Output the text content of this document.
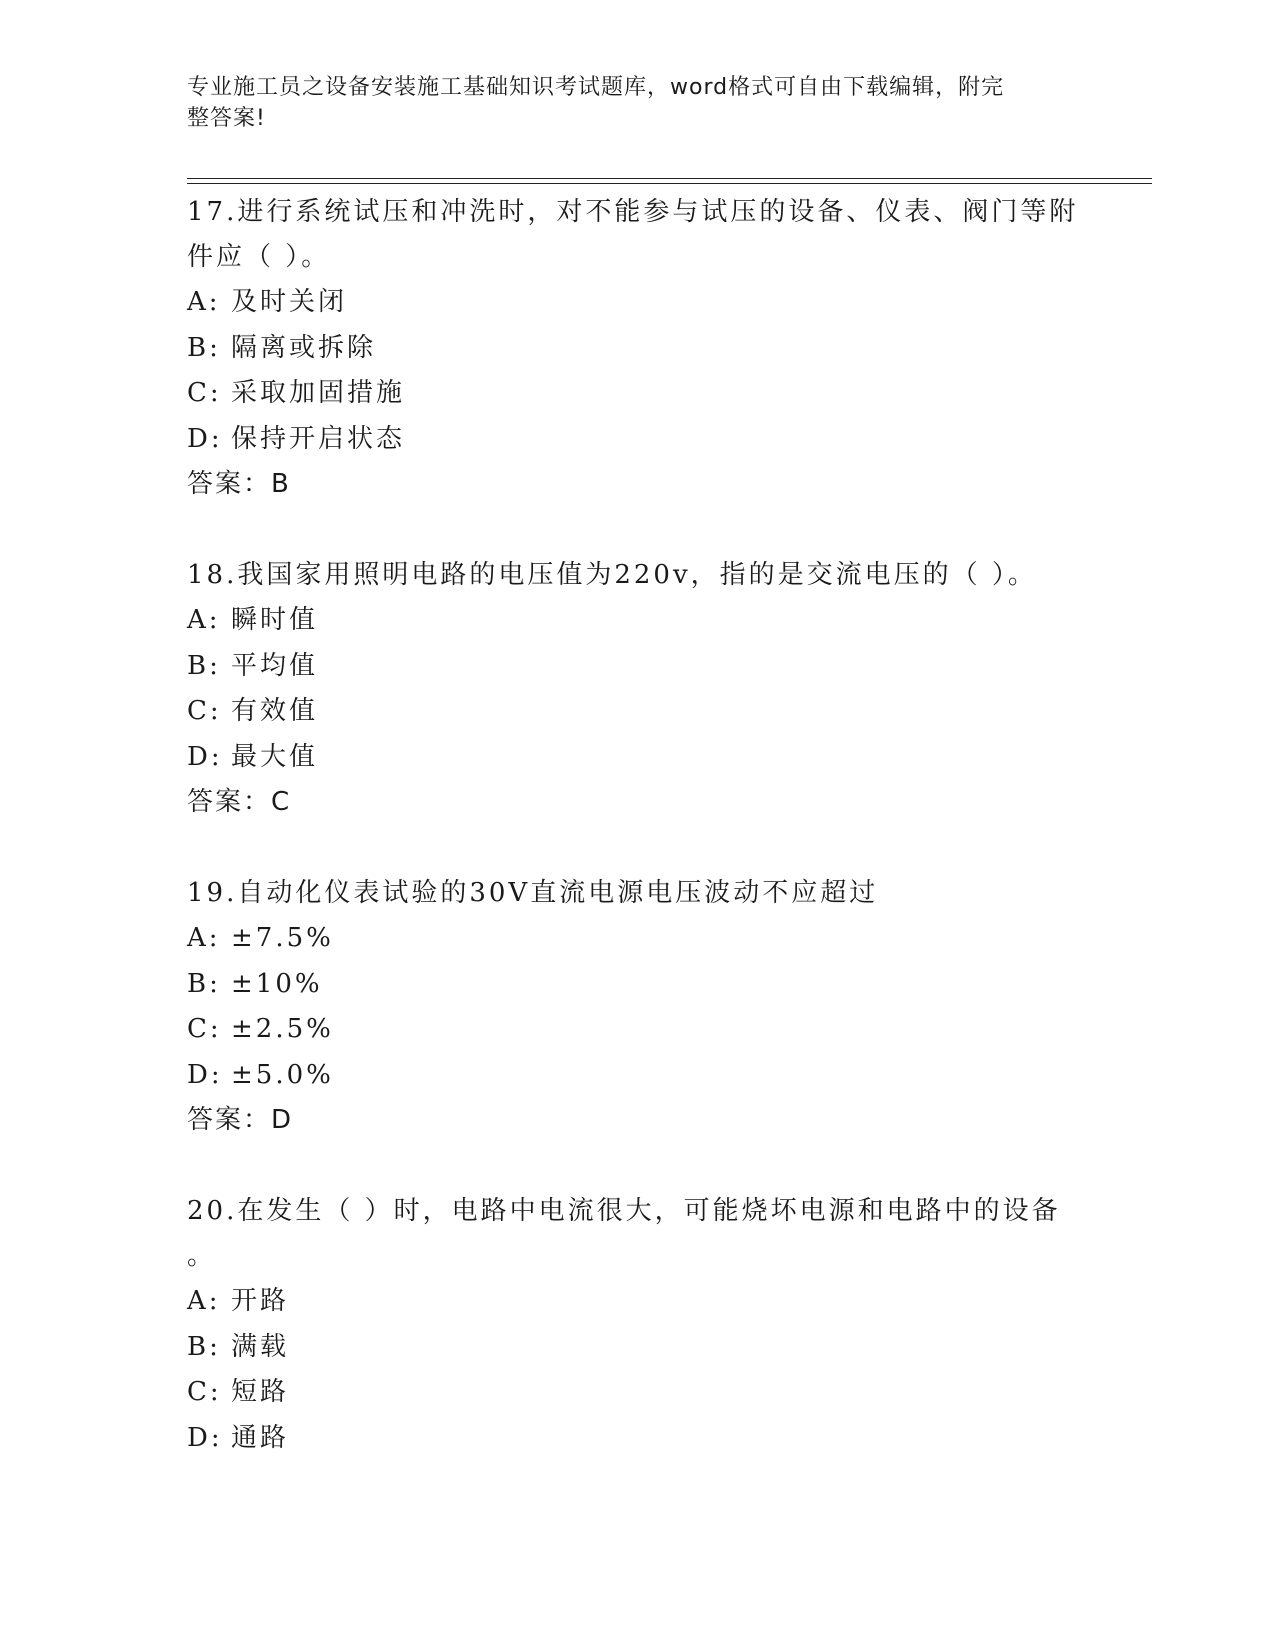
专业施工员之设备安装施工基础知识考试题库，word格式可自由下载编辑，附完
整答案!

17.进行系统试压和冲洗时，对不能参与试压的设备、仪表、阀门等附

件应（ ）。

A: 及时关闭

B: 隔离或拆除

C: 采取加固措施

D: 保持开启状态

答案：B

18.我国家用照明电路的电压值为220v，指的是交流电压的（ ）。

A: 瞬时值

B: 平均值

C: 有效值

D: 最大值

答案：C

19.自动化仪表试验的30V直流电源电压波动不应超过

A: ±7.5%

B: ±10%

C: ±2.5%

D: ±5.0%

答案：D

20.在发生（ ）时，电路中电流很大，可能烧坏电源和电路中的设备

。

A: 开路

B: 满载

C: 短路

D: 通路
